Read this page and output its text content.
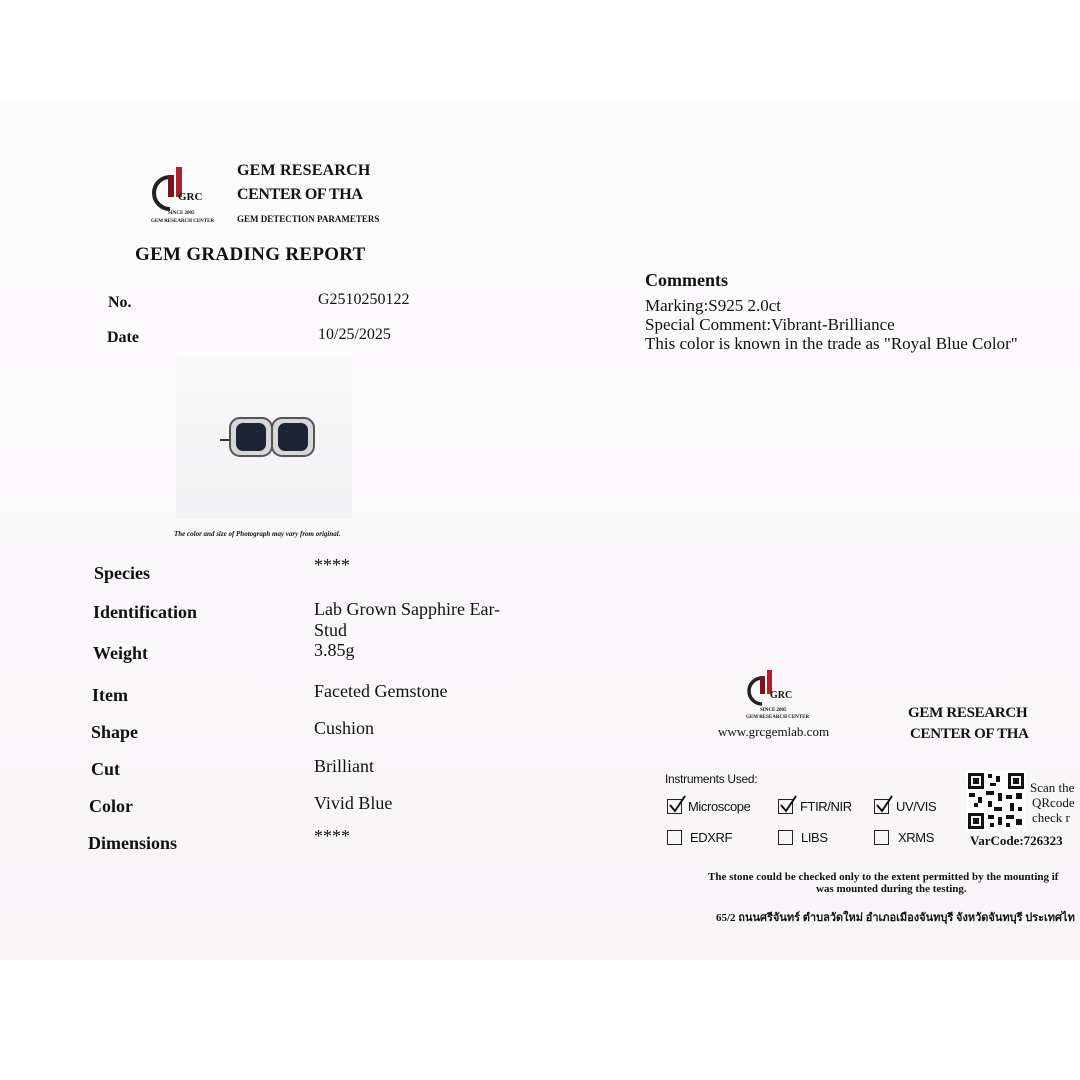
GRC
SINCE 2005
GEM RESEARCH CENTER
GEM RESEARCH
CENTER OF THA
GEM DETECTION PARAMETERS
GEM GRADING REPORT
No.	G2510250122
Date	10/25/2025
The color and size of Photograph may vary from original.
Species	****
Identification	Lab Grown Sapphire Ear-
Stud
Weight	3.85g
Item	Faceted Gemstone
Shape	Cushion
Cut	Brilliant
Color	Vivid Blue
Dimensions	****
Comments
Marking:S925 2.0ct
Special Comment:Vibrant-Brilliance
This color is known in the trade as "Royal Blue Color"
GRC
SINCE 2005
GEM RESEARCH CENTER
www.grcgemlab.com
GEM RESEARCH
CENTER OF THA
Instruments Used:
Microscope	FTIR/NIR	UV/VIS
EDXRF	LIBS	XRMS
Scan the
QRcode
check r
VarCode:726323
The stone could be checked only to the extent permitted by the mounting if
was mounted during the testing.
65/2 ถนนศรีจันทร์ ตำบลวัดใหม่ อำเภอเมืองจันทบุรี จังหวัดจันทบุรี ประเทศไท
